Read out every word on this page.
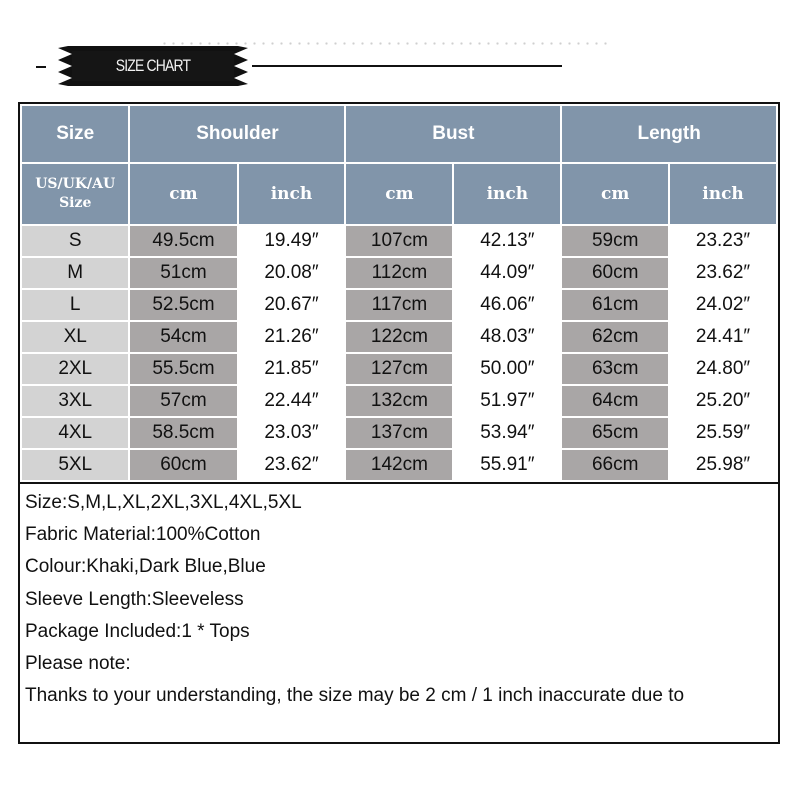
SIZE CHART
Size	Shoulder		Bust		Length	

US/UK/AU
Size	cm	inch	cm	inch	cm	inch
S	49.5cm	19.49″	107cm	42.13″	59cm	23.23″
M	51cm	20.08″	112cm	44.09″	60cm	23.62″
L	52.5cm	20.67″	117cm	46.06″	61cm	24.02″
XL	54cm	21.26″	122cm	48.03″	62cm	24.41″
2XL	55.5cm	21.85″	127cm	50.00″	63cm	24.80″
3XL	57cm	22.44″	132cm	51.97″	64cm	25.20″
4XL	58.5cm	23.03″	137cm	53.94″	65cm	25.59″
5XL	60cm	23.62″	142cm	55.91″	66cm	25.98″
Size:S,M,L,XL,2XL,3XL,4XL,5XL
Fabric Material:100%Cotton
Colour:Khaki,Dark Blue,Blue
Sleeve Length:Sleeveless
Package Included:1 * Tops
Please note:
Thanks to your understanding, the size may be 2 cm / 1 inch inaccurate due to
